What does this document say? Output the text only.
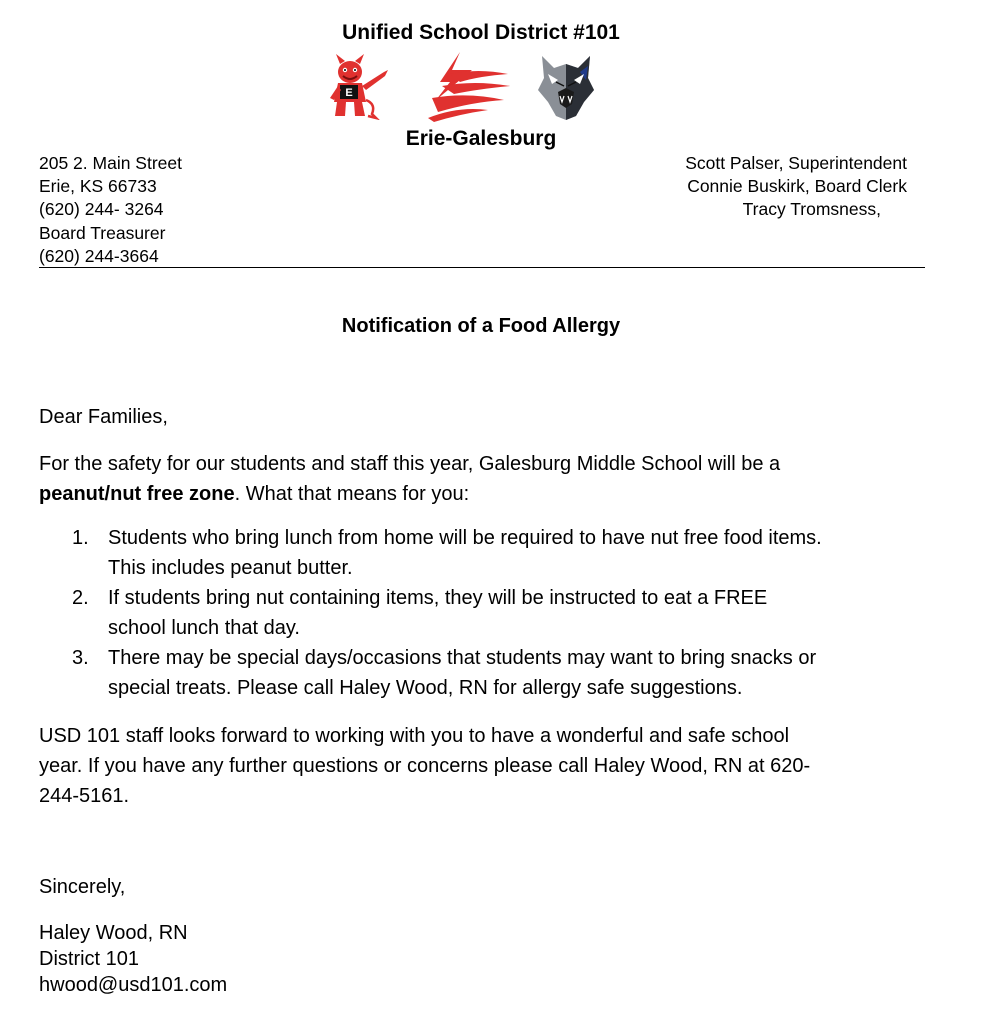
Unified School District #101
E
Erie-Galesburg
205 2. Main Street
Erie, KS 66733
(620) 244- 3264
Board Treasurer
(620) 244-3664
Scott Palser, Superintendent
Connie Buskirk, Board Clerk
Tracy Tromsness,
Notification of a Food Allergy
Dear Families,
For the safety for our students and staff this year, Galesburg Middle School will be a
peanut/nut free zone. What that means for you:
1. Students who bring lunch from home will be required to have nut free food items.
This includes peanut butter.
2. If students bring nut containing items, they will be instructed to eat a FREE
school lunch that day.
3. There may be special days/occasions that students may want to bring snacks or
special treats. Please call Haley Wood, RN for allergy safe suggestions.
USD 101 staff looks forward to working with you to have a wonderful and safe school
year. If you have any further questions or concerns please call Haley Wood, RN at 620-
244-5161.
Sincerely,
Haley Wood, RN
District 101
hwood@usd101.com
